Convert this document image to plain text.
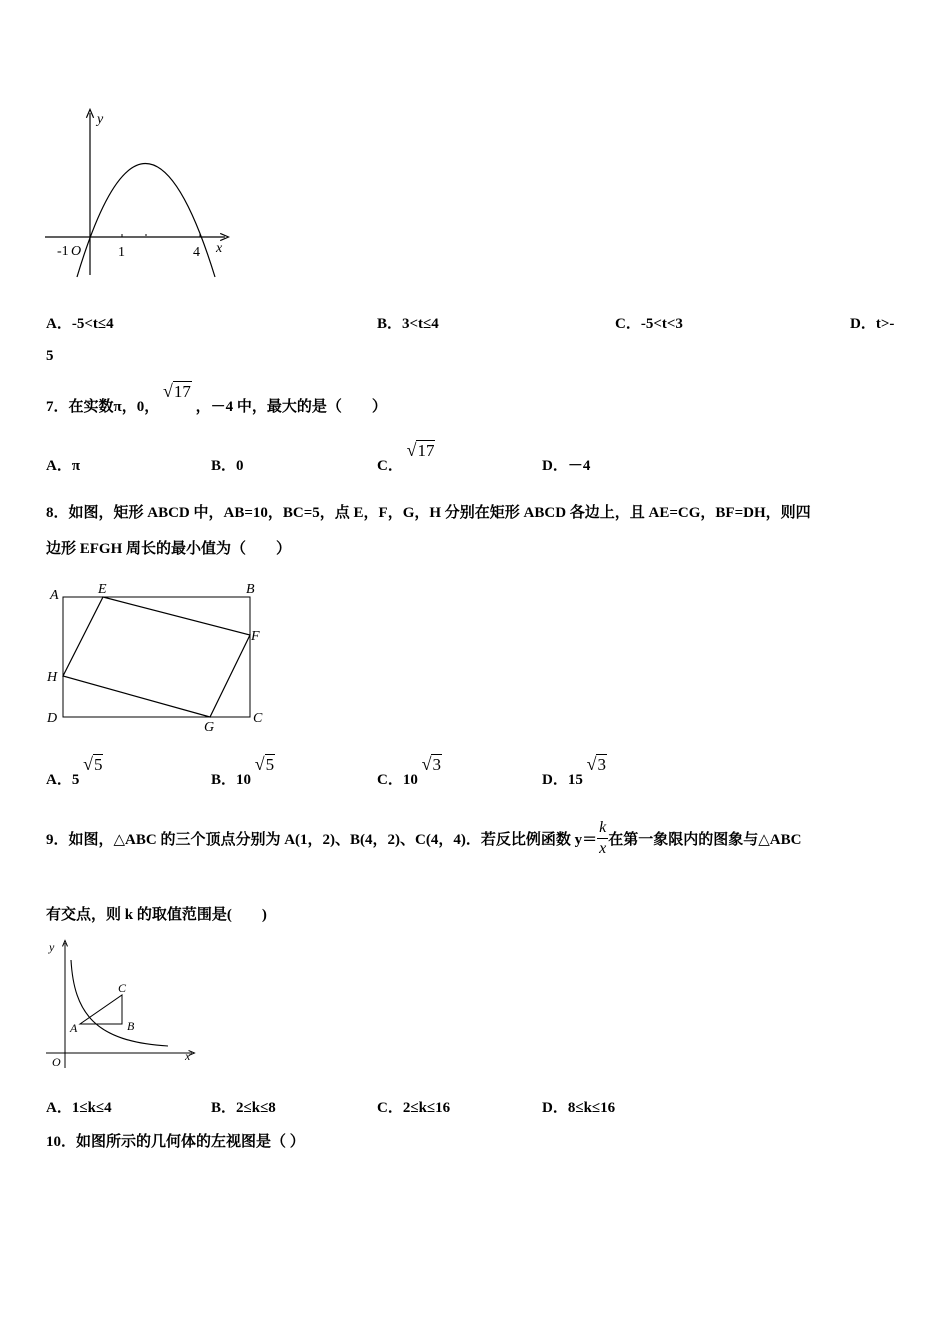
y
x
-1 O	1	4
A．-5<t≤4	B．3<t≤4	C．-5<t<3	D．t>-
5
7．在实数π，0， √17 ，－4 中，最大的是（　　）
A．π	B．0	C． √17
D．－4
8．如图，矩形 ABCD 中，AB=10，BC=5，点 E，F，G，H 分别在矩形 ABCD 各边上，且 AE=CG，BF=DH，则四
边形 EFGH 周长的最小值为（　　）
A	E	B
F
H
D
G
C
A．5 √5
B．10 √5
C．10 √3
D．15 √3
9．如图，△ABC 的三个顶点分别为 A(1，2)、B(4，2)、C(4，4)．若反比例函数 $y= \frac{k}{x}$ 在第一象限内的图象与△ABC
有交点，则 k 的取值范围是(　　)
y
x
O
A	B
C
A．1≤k≤4	B．2≤k≤8	C．2≤k≤16	D．8≤k≤16
10．如图所示的几何体的左视图是（ ）
